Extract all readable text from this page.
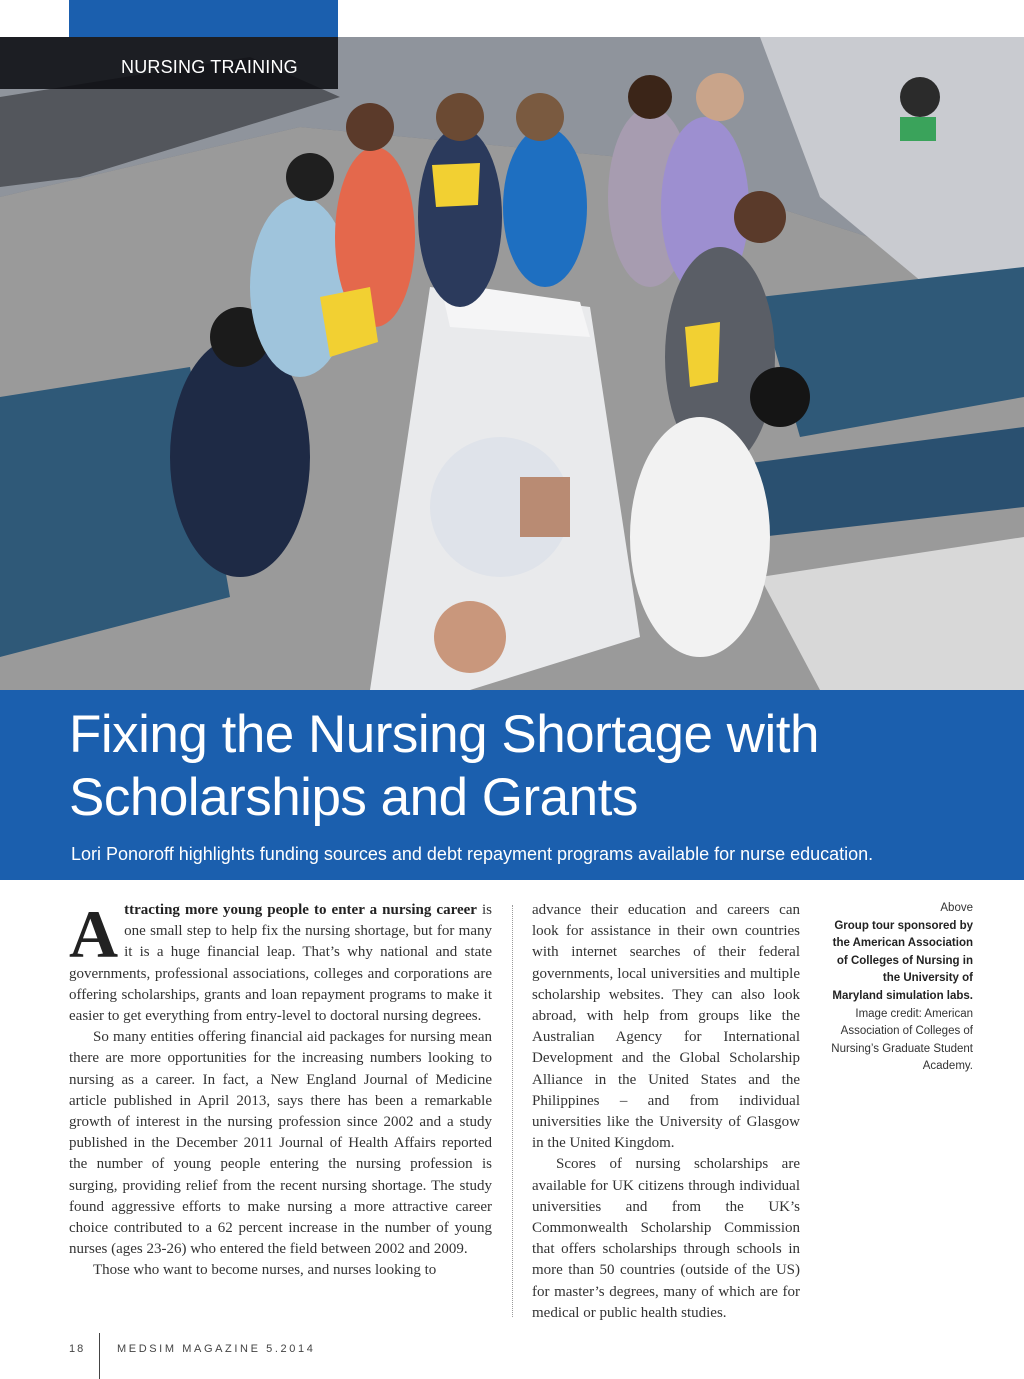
NURSING TRAINING
Fixing the Nursing Shortage with Scholarships and Grants
Lori Ponoroff highlights funding sources and debt repayment programs available for nurse education.

Attracting more young people to enter a nursing career is one small step to help fix the nursing shortage, but for many it is a huge financial leap. That’s why national and state governments, professional associations, colleges and corporations are offering scholarships, grants and loan repayment programs to make it easier to get everything from entry-level to doctoral nursing degrees.

So many entities offering financial aid packages for nursing mean there are more opportunities for the increasing numbers looking to nursing as a career. In fact, a New England Journal of Medicine article published in April 2013, says there has been a remarkable growth of interest in the nursing profession since 2002 and a study published in the December 2011 Journal of Health Affairs reported the number of young people entering the nursing profession is surging, providing relief from the recent nursing shortage. The study found aggressive efforts to make nursing a more attractive career choice contributed to a 62 percent increase in the number of young nurses (ages 23-26) who entered the field between 2002 and 2009.

Those who want to become nurses, and nurses looking to

advance their education and careers can look for assistance in their own countries with internet searches of their federal governments, local universities and multiple scholarship websites. They can also look abroad, with help from groups like the Australian Agency for International Development and the Global Scholarship Alliance in the United States and the Philippines – and from individual universities like the University of Glasgow in the United Kingdom.

Scores of nursing scholarships are available for UK citizens through individual universities and from the UK’s Commonwealth Scholarship Commission that offers scholarships through schools in more than 50 countries (outside of the US) for master’s degrees, many of which are for medical or public health studies.

Above
Group tour sponsored by the American Association of Colleges of Nursing in the University of Maryland simulation labs.
Image credit: American Association of Colleges of Nursing’s Graduate Student Academy.
18	MEDSIM MAGAZINE 5.2014
